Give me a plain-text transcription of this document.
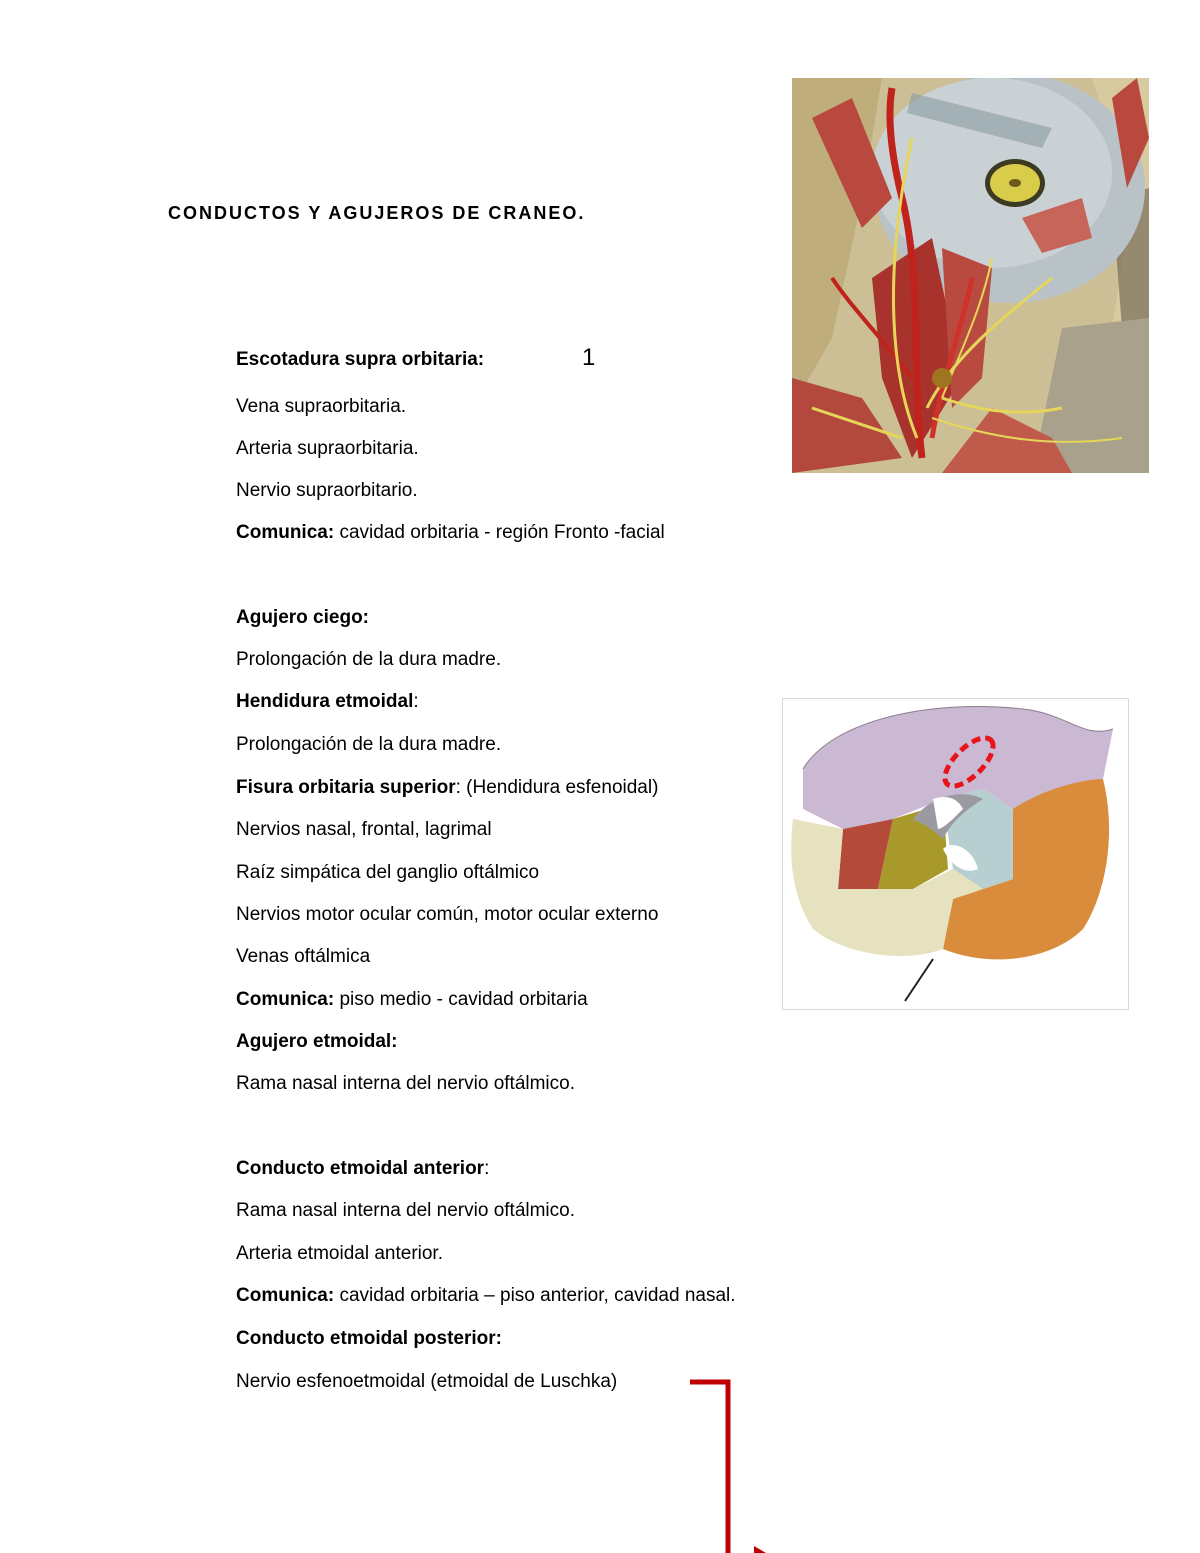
CONDUCTOS Y AGUJEROS DE CRANEO.
Escotadura supra orbitaria:	1
Vena supraorbitaria.
Arteria supraorbitaria.
Nervio supraorbitario.
Comunica: cavidad orbitaria - región Fronto -facial
Agujero ciego:
Prolongación de la dura madre.
Hendidura etmoidal:
Prolongación de la dura madre.
Fisura orbitaria superior: (Hendidura esfenoidal)
Nervios nasal, frontal, lagrimal
Raíz simpática del ganglio oftálmico
Nervios motor ocular común, motor ocular externo
Venas oftálmica
Comunica: piso medio - cavidad orbitaria
Agujero etmoidal:
Rama nasal interna del nervio oftálmico.
Conducto etmoidal anterior:
Rama nasal interna del nervio oftálmico.
Arteria etmoidal anterior.
Comunica: cavidad orbitaria – piso anterior, cavidad nasal.
Conducto etmoidal posterior:
Nervio esfenoetmoidal (etmoidal de Luschka)
